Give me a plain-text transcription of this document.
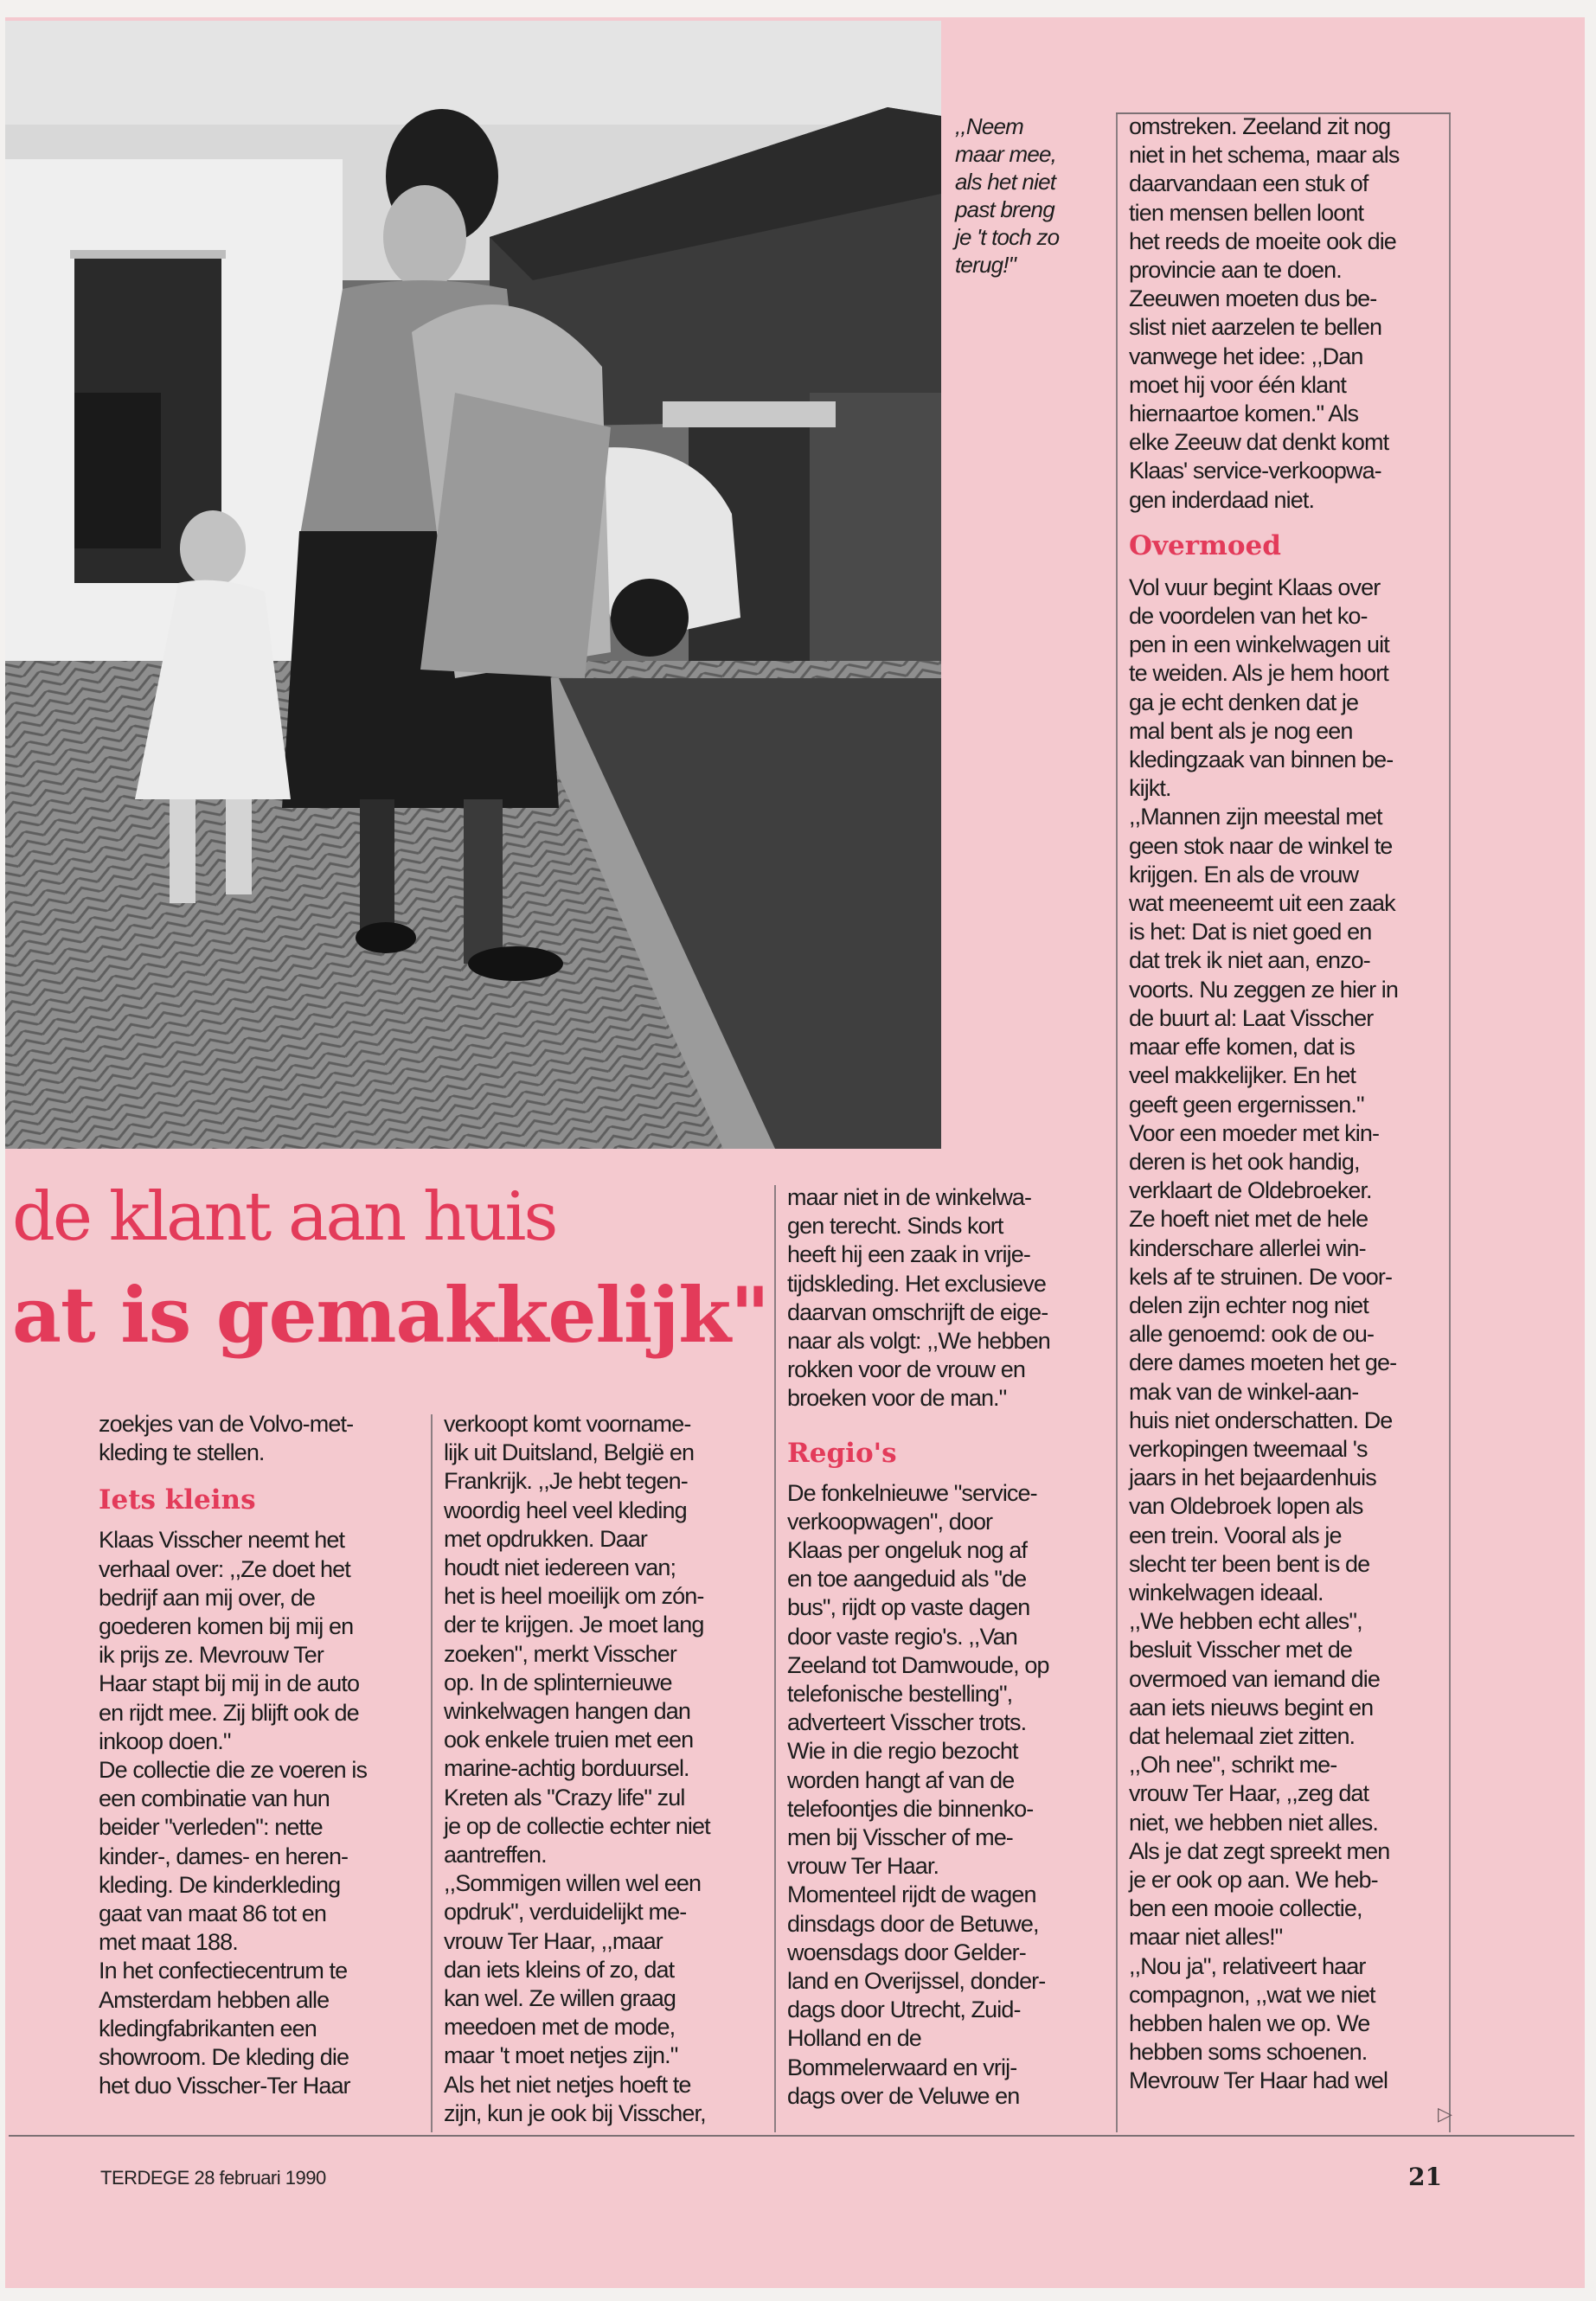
,,Neem

maar mee,

als het niet

past breng

je 't toch zo

terug!"

de klant aan huis
at is gemakkelijk"

zoekjes van de Volvo-met-

kleding te stellen.

Iets kleins

Klaas Visscher neemt het

verhaal over: ,,Ze doet het

bedrijf aan mij over, de

goederen komen bij mij en

ik prijs ze. Mevrouw Ter

Haar stapt bij mij in de auto

en rijdt mee. Zij blijft ook de

inkoop doen."

De collectie die ze voeren is

een combinatie van hun

beider "verleden": nette

kinder-, dames- en heren-

kleding. De kinderkleding

gaat van maat 86 tot en

met maat 188.

In het confectiecentrum te

Amsterdam hebben alle

kledingfabrikanten een

showroom. De kleding die

het duo Visscher-Ter Haar

verkoopt komt voorname-

lijk uit Duitsland, België en

Frankrijk. ,,Je hebt tegen-

woordig heel veel kleding

met opdrukken. Daar

houdt niet iedereen van;

het is heel moeilijk om zón-

der te krijgen. Je moet lang

zoeken", merkt Visscher

op. In de splinternieuwe

winkelwagen hangen dan

ook enkele truien met een

marine-achtig borduursel.

Kreten als "Crazy life" zul

je op de collectie echter niet

aantreffen.

,,Sommigen willen wel een

opdruk", verduidelijkt me-

vrouw Ter Haar, ,,maar

dan iets kleins of zo, dat

kan wel. Ze willen graag

meedoen met de mode,

maar 't moet netjes zijn."

Als het niet netjes hoeft te

zijn, kun je ook bij Visscher,

maar niet in de winkelwa-

gen terecht. Sinds kort

heeft hij een zaak in vrije-

tijdskleding. Het exclusieve

daarvan omschrijft de eige-

naar als volgt: ,,We hebben

rokken voor de vrouw en

broeken voor de man."

Regio's

De fonkelnieuwe "service-

verkoopwagen", door

Klaas per ongeluk nog af

en toe aangeduid als "de

bus", rijdt op vaste dagen

door vaste regio's. ,,Van

Zeeland tot Damwoude, op

telefonische bestelling",

adverteert Visscher trots.

Wie in die regio bezocht

worden hangt af van de

telefoontjes die binnenko-

men bij Visscher of me-

vrouw Ter Haar.

Momenteel rijdt de wagen

dinsdags door de Betuwe,

woensdags door Gelder-

land en Overijssel, donder-

dags door Utrecht, Zuid-

Holland en de

Bommelerwaard en vrij-

dags over de Veluwe en

omstreken. Zeeland zit nog

niet in het schema, maar als

daarvandaan een stuk of

tien mensen bellen loont

het reeds de moeite ook die

provincie aan te doen.

Zeeuwen moeten dus be-

slist niet aarzelen te bellen

vanwege het idee: ,,Dan

moet hij voor één klant

hiernaartoe komen." Als

elke Zeeuw dat denkt komt

Klaas' service-verkoopwa-

gen inderdaad niet.

Overmoed

Vol vuur begint Klaas over

de voordelen van het ko-

pen in een winkelwagen uit

te weiden. Als je hem hoort

ga je echt denken dat je

mal bent als je nog een

kledingzaak van binnen be-

kijkt.

,,Mannen zijn meestal met

geen stok naar de winkel te

krijgen. En als de vrouw

wat meeneemt uit een zaak

is het: Dat is niet goed en

dat trek ik niet aan, enzo-

voorts. Nu zeggen ze hier in

de buurt al: Laat Visscher

maar effe komen, dat is

veel makkelijker. En het

geeft geen ergernissen."

Voor een moeder met kin-

deren is het ook handig,

verklaart de Oldebroeker.

Ze hoeft niet met de hele

kinderschare allerlei win-

kels af te struinen. De voor-

delen zijn echter nog niet

alle genoemd: ook de ou-

dere dames moeten het ge-

mak van de winkel-aan-

huis niet onderschatten. De

verkopingen tweemaal 's

jaars in het bejaardenhuis

van Oldebroek lopen als

een trein. Vooral als je

slecht ter been bent is de

winkelwagen ideaal.

,,We hebben echt alles",

besluit Visscher met de

overmoed van iemand die

aan iets nieuws begint en

dat helemaal ziet zitten.

,,Oh nee", schrikt me-

vrouw Ter Haar, ,,zeg dat

niet, we hebben niet alles.

Als je dat zegt spreekt men

je er ook op aan. We heb-

ben een mooie collectie,

maar niet alles!"

,,Nou ja", relativeert haar

compagnon, ,,wat we niet

hebben halen we op. We

hebben soms schoenen.

Mevrouw Ter Haar had wel

▷
TERDEGE 28 februari 1990	21
